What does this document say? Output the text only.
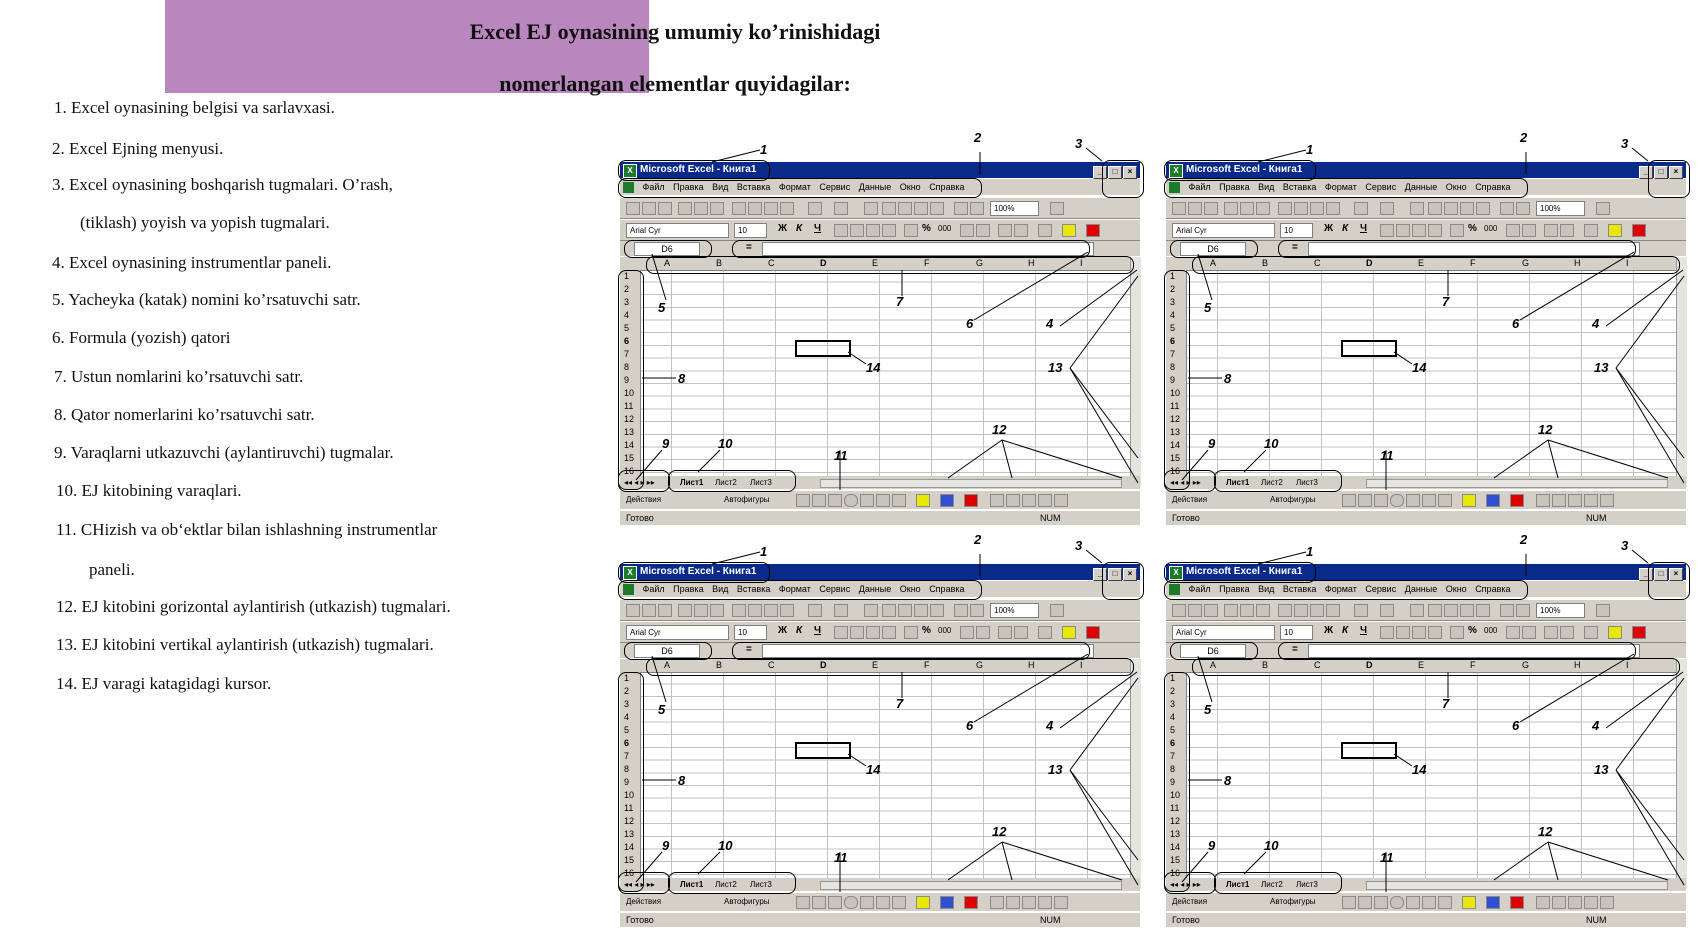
Excel EJ oynasining umumiy ko’rinishidagi
nomerlangan elementlar quyidagilar:
1. Excel oynasining belgisi va sarlavxasi.
2. Excel Ejning menyusi.
3. Excel oynasining boshqarish tugmalari. O’rash,
(tiklash) yoyish va yopish tugmalari.
4. Excel oynasining instrumentlar paneli.
5. Yacheyka (katak) nomini ko’rsatuvchi satr.
6. Formula (yozish) qatori
7. Ustun nomlarini ko’rsatuvchi satr.
8. Qator nomerlarini ko’rsatuvchi satr.
9. Varaqlarni utkazuvchi (aylantiruvchi) tugmalar.
10. EJ kitobining varaqlari.
11. CHizish va ob‘ektlar bilan ishlashning instrumentlar
paneli.
12. EJ kitobini gorizontal aylantirish (utkazish) tugmalari.
13. EJ kitobini vertikal aylantirish (utkazish) tugmalari.
14. EJ varagi katagidagi kursor.
X Microsoft Excel - Книга1	_ □ ×
Файл Правка Вид Вставка Формат Сервис Данные Окно Справка
100%
Arial Cyr	10	Ж К Ч	% 000
D6	=
A	B	C	D	E	F	G	H	I
1
2
3
4
5
6
7
8
9
10
11
12
13
14
15
16
◂◂ ◂ ▸ ▸▸	Лист1 Лист2 Лист3
Действия	Автофигуры
Готово	NUM
1
2	3
4
5
6
7
8
9	10
11
12
13
14
X Microsoft Excel - Книга1	_ □ ×
Файл Правка Вид Вставка Формат Сервис Данные Окно Справка
100%
Arial Cyr	10	Ж К Ч	% 000
D6	=
A	B	C	D	E	F	G	H	I
1
2
3
4
5
6
7
8
9
10
11
12
13
14
15
16
◂◂ ◂ ▸ ▸▸	Лист1 Лист2 Лист3
Действия	Автофигуры
Готово	NUM
1
2	3
4
5
6
7
8
9	10
11
12
13
14
X Microsoft Excel - Книга1	_ □ ×
Файл Правка Вид Вставка Формат Сервис Данные Окно Справка
100%
Arial Cyr	10	Ж К Ч	% 000
D6	=
A	B	C	D	E	F	G	H	I
1
2
3
4
5
6
7
8
9
10
11
12
13
14
15
16
◂◂ ◂ ▸ ▸▸	Лист1 Лист2 Лист3
Действия	Автофигуры
Готово	NUM
1
2	3
4
5
6
7
8
9	10
11
12
13
14
X Microsoft Excel - Книга1	_ □ ×
Файл Правка Вид Вставка Формат Сервис Данные Окно Справка
100%
Arial Cyr	10	Ж К Ч	% 000
D6	=
A	B	C	D	E	F	G	H	I
1
2
3
4
5
6
7
8
9
10
11
12
13
14
15
16
◂◂ ◂ ▸ ▸▸	Лист1 Лист2 Лист3
Действия	Автофигуры
Готово	NUM
1
2	3
4
5
6
7
8
9	10
11
12
13
14
